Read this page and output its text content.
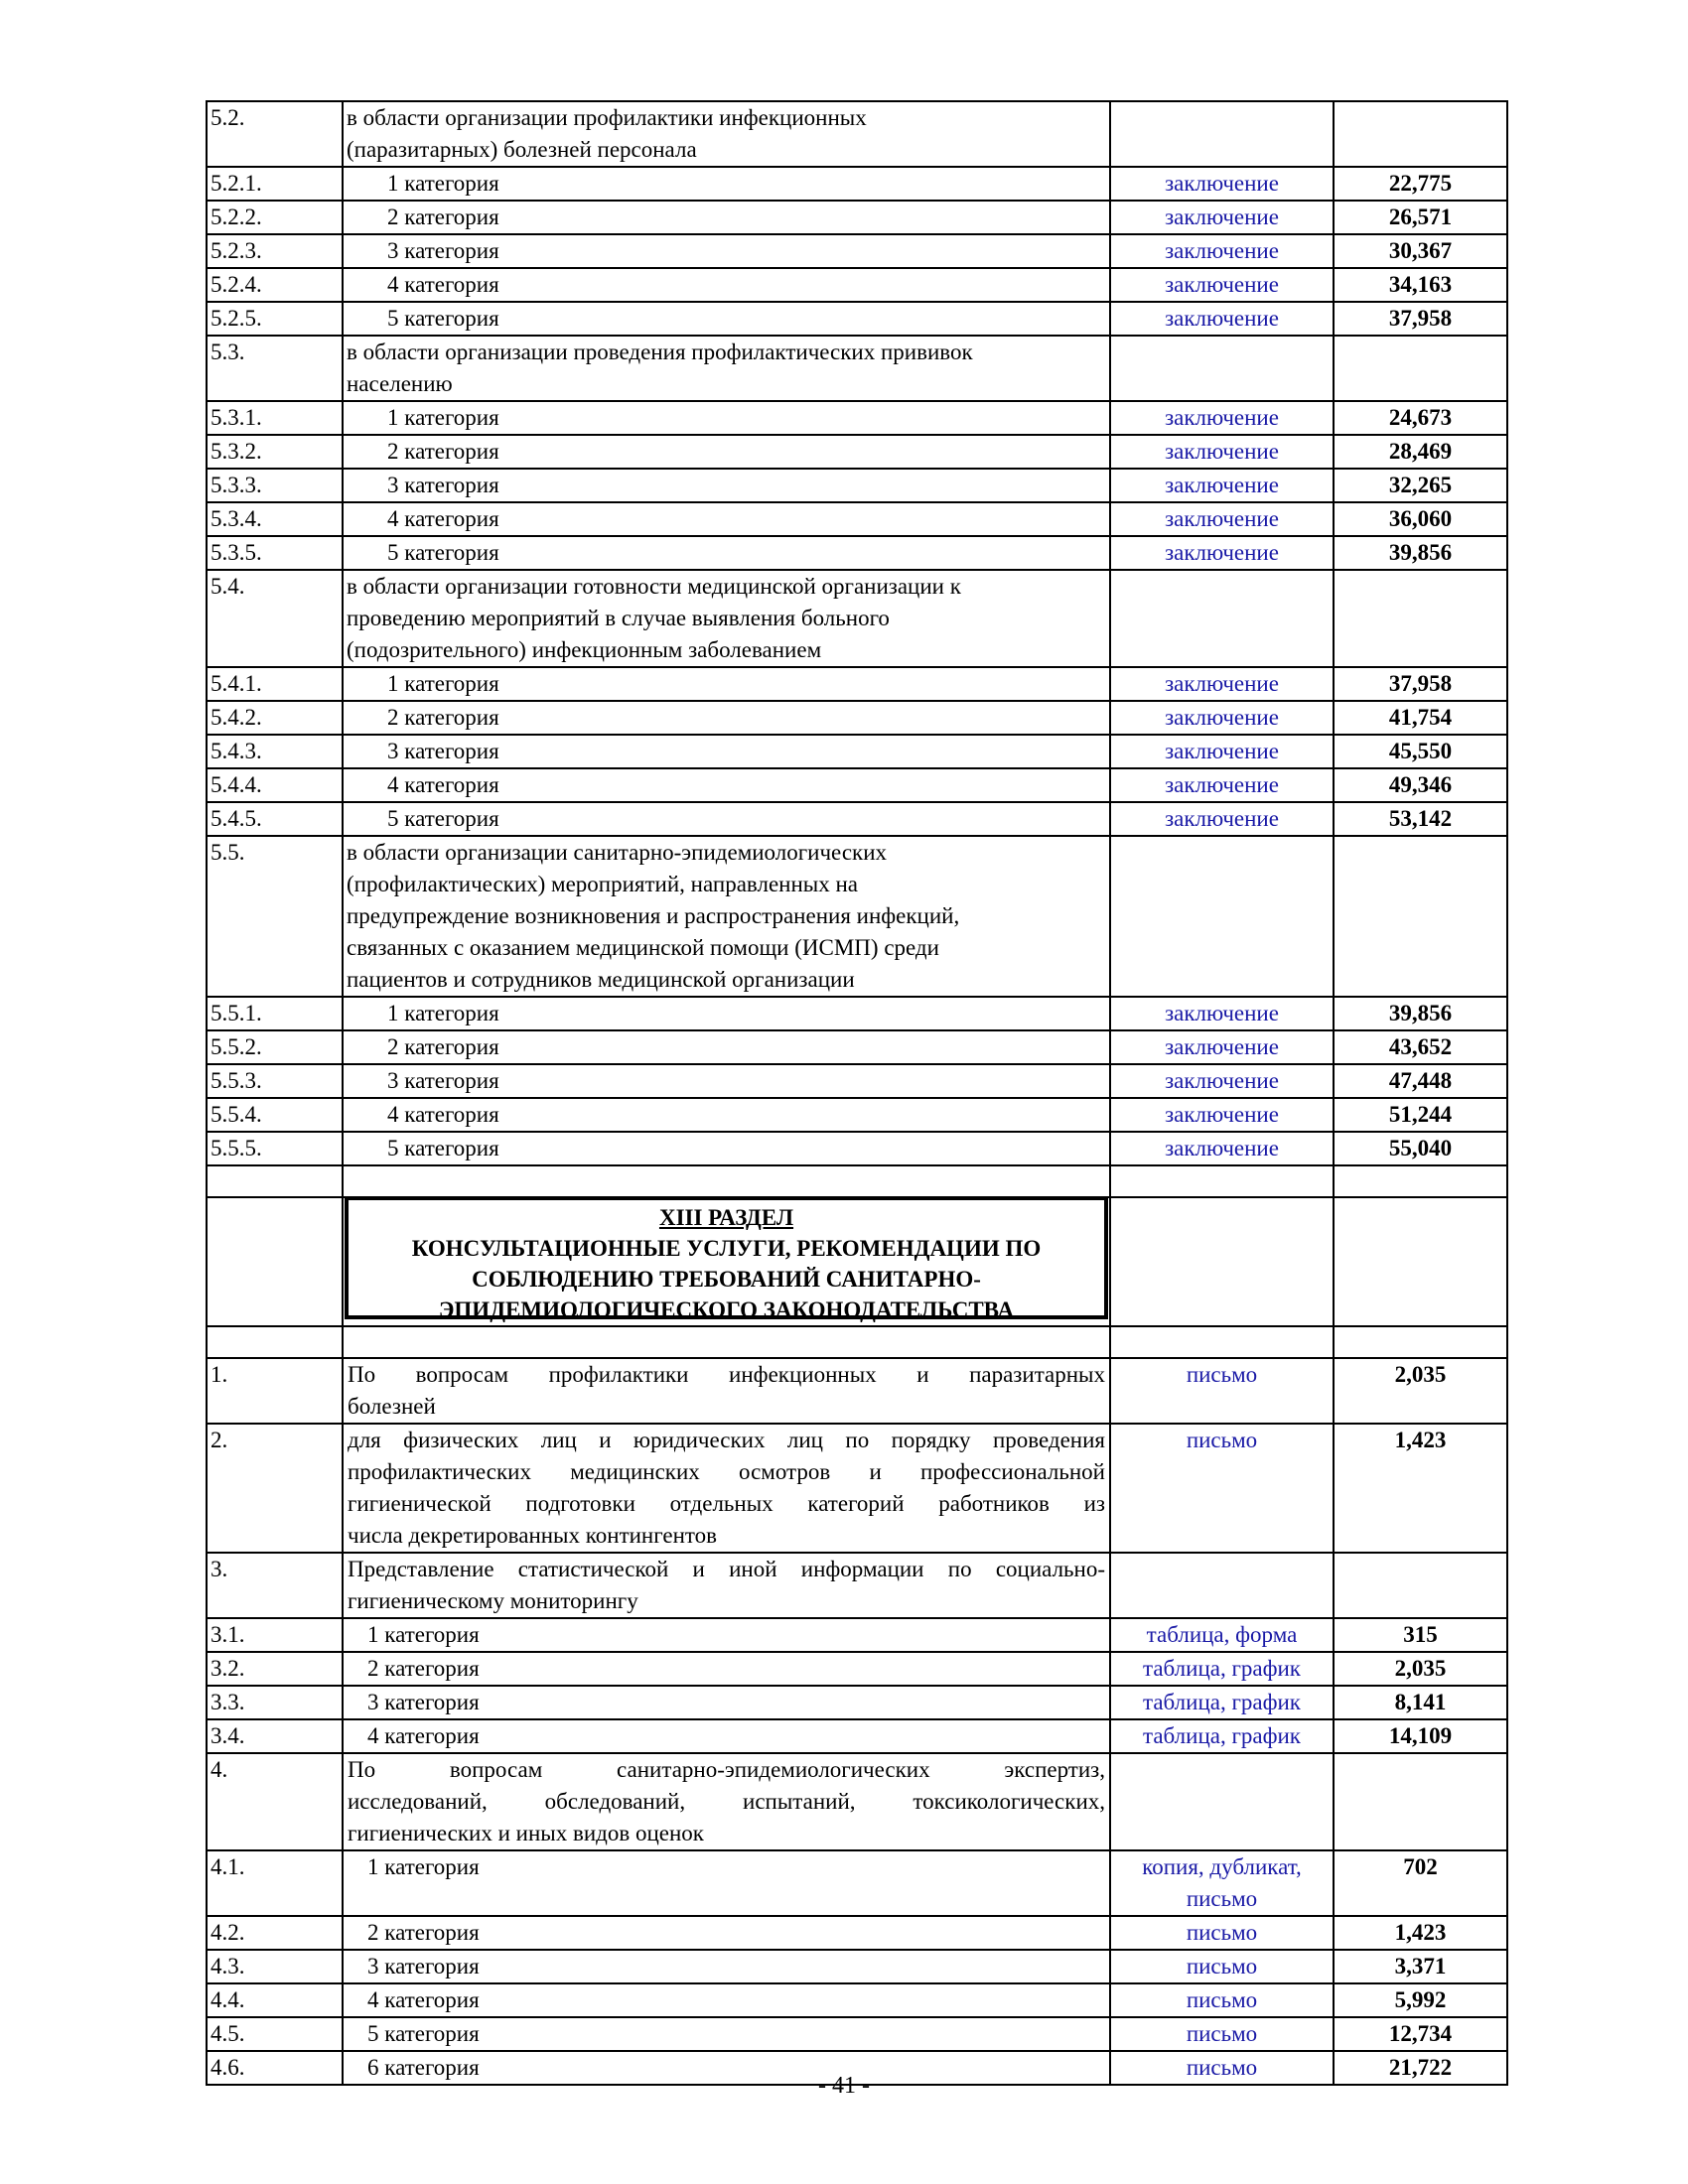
5.2.	в области организации профилактики инфекционных
(паразитарных) болезней персонала		

5.2.1.	1 категория	заключение	22,775
5.2.2.	2 категория	заключение	26,571
5.2.3.	3 категория	заключение	30,367
5.2.4.	4 категория	заключение	34,163
5.2.5.	5 категория	заключение	37,958
5.3.	в области организации проведения профилактических прививок
населению		

5.3.1.	1 категория	заключение	24,673
5.3.2.	2 категория	заключение	28,469
5.3.3.	3 категория	заключение	32,265
5.3.4.	4 категория	заключение	36,060
5.3.5.	5 категория	заключение	39,856
5.4.	в области организации готовности медицинской организации к
проведению мероприятий в случае выявления больного
(подозрительного) инфекционным заболеванием		

5.4.1.	1 категория	заключение	37,958
5.4.2.	2 категория	заключение	41,754
5.4.3.	3 категория	заключение	45,550
5.4.4.	4 категория	заключение	49,346
5.4.5.	5 категория	заключение	53,142
5.5.	в области организации санитарно-эпидемиологических
(профилактических) мероприятий, направленных на
предупреждение возникновения и распространения инфекций,
связанных с оказанием медицинской помощи (ИСМП) среди
пациентов и сотрудников медицинской организации		

5.5.1.	1 категория	заключение	39,856
5.5.2.	2 категория	заключение	43,652
5.5.3.	3 категория	заключение	47,448
5.5.4.	4 категория	заключение	51,244
5.5.5.	5 категория	заключение	55,040

	XIII РАЗДЕЛ
КОНСУЛЬТАЦИОННЫЕ УСЛУГИ, РЕКОМЕНДАЦИИ ПО
СОБЛЮДЕНИЮ ТРЕБОВАНИЙ САНИТАРНО-
ЭПИДЕМИОЛОГИЧЕСКОГО ЗАКОНОДАТЕЛЬСТВА		

1.	По вопросам профилактики инфекционных и паразитарных
болезней	письмо	2,035
2.	для физических лиц и юридических лиц по порядку проведения
профилактических медицинских осмотров и профессиональной
гигиенической подготовки отдельных категорий работников из
числа декретированных контингентов	письмо	1,423
3.	Представление статистической и иной информации по социально-
гигиеническому мониторингу		

3.1.	1 категория	таблица, форма	315
3.2.	2 категория	таблица, график	2,035
3.3.	3 категория	таблица, график	8,141
3.4.	4 категория	таблица, график	14,109
4.	По вопросам санитарно-эпидемиологических экспертиз,
исследований, обследований, испытаний, токсикологических,
гигиенических и иных видов оценок		

4.1.	1 категория	копия, дубликат,
письмо	702
4.2.	2 категория	письмо	1,423
4.3.	3 категория	письмо	3,371
4.4.	4 категория	письмо	5,992
4.5.	5 категория	письмо	12,734
4.6.	6 категория	письмо	21,722
- 41 -
